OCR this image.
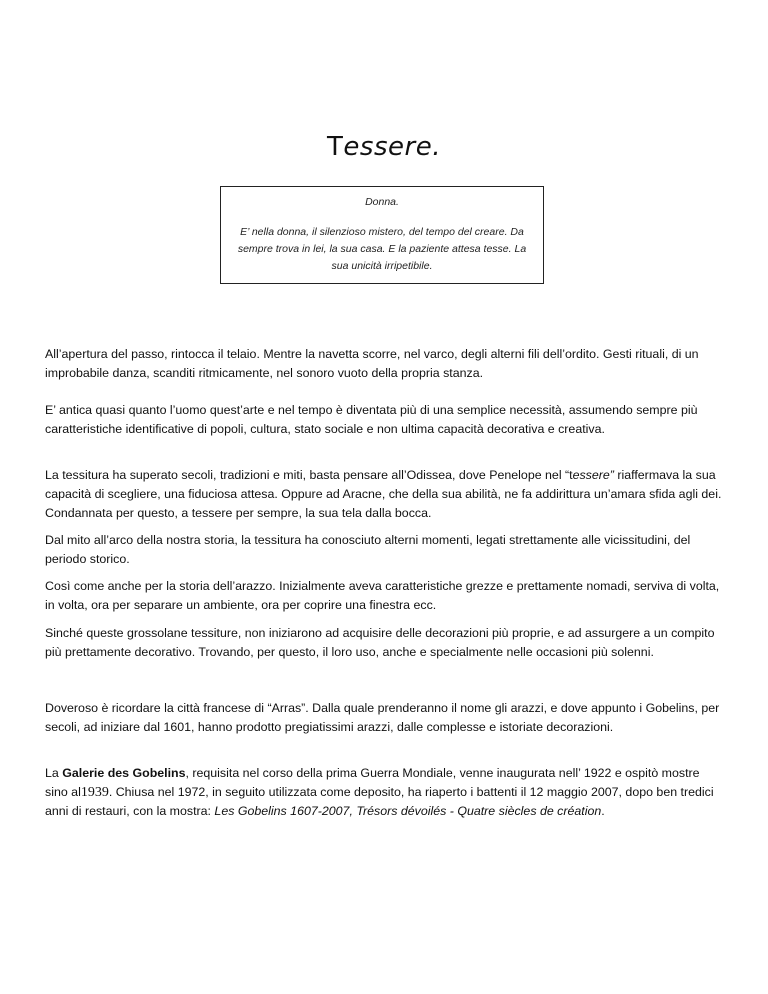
Tessere.
Donna.
E’ nella donna, il silenzioso mistero, del tempo del creare. Da sempre trova in lei, la sua casa. E la paziente attesa tesse. La sua unicità irripetibile.

All’apertura del passo, rintocca il telaio. Mentre la navetta scorre, nel varco, degli alterni fili dell’ordito. Gesti rituali, di un improbabile danza, scanditi ritmicamente, nel sonoro vuoto della propria stanza.

E’ antica quasi quanto l’uomo quest’arte e nel tempo è diventata più di una semplice necessità, assumendo sempre più caratteristiche identificative di popoli, cultura, stato sociale e non ultima capacità decorativa e creativa.

La tessitura ha superato secoli, tradizioni e miti, basta pensare all’Odissea, dove Penelope nel “tessere” riaffermava la sua capacità di scegliere, una fiduciosa attesa. Oppure ad Aracne, che della sua abilità, ne fa addirittura un’amara sfida agli dei. Condannata per questo, a tessere per sempre, la sua tela dalla bocca.

Dal mito all’arco della nostra storia, la tessitura ha conosciuto alterni momenti, legati strettamente alle vicissitudini, del periodo storico.

Così come anche per la storia dell’arazzo. Inizialmente aveva caratteristiche grezze e prettamente nomadi, serviva di volta, in volta, ora per separare un ambiente, ora per coprire una finestra ecc.

Sinché queste grossolane tessiture, non iniziarono ad acquisire delle decorazioni più proprie, e ad assurgere a un compito più prettamente decorativo. Trovando, per questo, il loro uso, anche e specialmente nelle occasioni più solenni.

Doveroso è ricordare la città francese di “Arras”. Dalla quale prenderanno il nome gli arazzi, e dove appunto i Gobelins, per secoli, ad iniziare dal 1601, hanno prodotto pregiatissimi arazzi, dalle complesse e istoriate decorazioni.

La Galerie des Gobelins, requisita nel corso della prima Guerra Mondiale, venne inaugurata nell’ 1922 e ospitò mostre sino al1939. Chiusa nel 1972, in seguito utilizzata come deposito, ha riaperto i battenti il 12 maggio 2007, dopo ben tredici anni di restauri, con la mostra: Les Gobelins 1607-2007, Trésors dévoilés - Quatre siècles de création.
